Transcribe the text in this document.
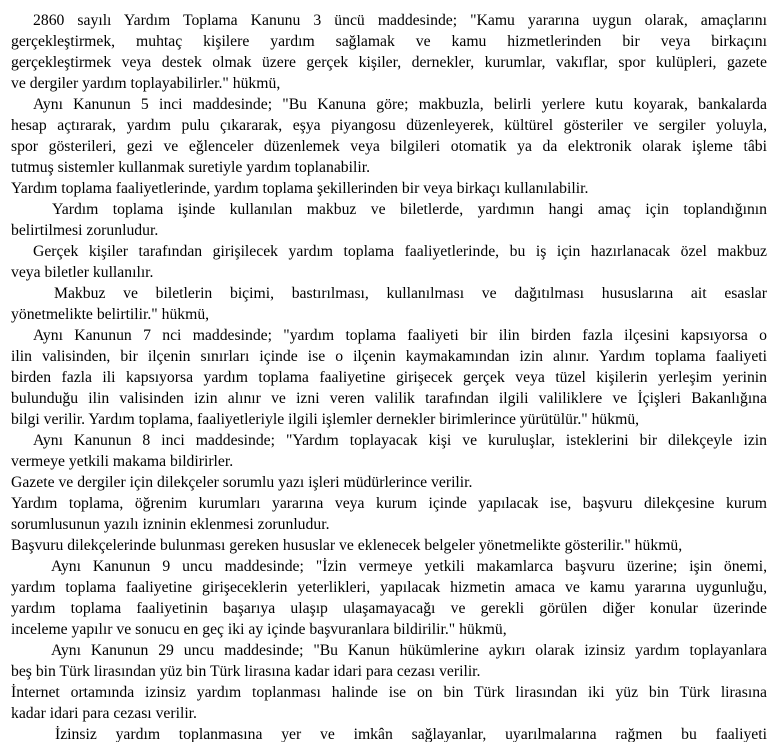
2860 sayılı Yardım Toplama Kanunu 3 üncü maddesinde; "Kamu yararına uygun olarak, amaçlarını

gerçekleştirmek, muhtaç kişilere yardım sağlamak ve kamu hizmetlerinden bir veya birkaçını

gerçekleştirmek veya destek olmak üzere gerçek kişiler, dernekler, kurumlar, vakıflar, spor kulüpleri, gazete

ve dergiler yardım toplayabilirler." hükmü,

Aynı Kanunun 5 inci maddesinde; "Bu Kanuna göre; makbuzla, belirli yerlere kutu koyarak, bankalarda

hesap açtırarak, yardım pulu çıkararak, eşya piyangosu düzenleyerek, kültürel gösteriler ve sergiler yoluyla,

spor gösterileri, gezi ve eğlenceler düzenlemek veya bilgileri otomatik ya da elektronik olarak işleme tâbi

tutmuş sistemler kullanmak suretiyle yardım toplanabilir.

Yardım toplama faaliyetlerinde, yardım toplama şekillerinden bir veya birkaçı kullanılabilir.

Yardım toplama işinde kullanılan makbuz ve biletlerde, yardımın hangi amaç için toplandığının

belirtilmesi zorunludur.

Gerçek kişiler tarafından girişilecek yardım toplama faaliyetlerinde, bu iş için hazırlanacak özel makbuz

veya biletler kullanılır.

Makbuz ve biletlerin biçimi, bastırılması, kullanılması ve dağıtılması hususlarına ait esaslar

yönetmelikte belirtilir." hükmü,

Aynı Kanunun 7 nci maddesinde; "yardım toplama faaliyeti bir ilin birden fazla ilçesini kapsıyorsa o

ilin valisinden, bir ilçenin sınırları içinde ise o ilçenin kaymakamından izin alınır. Yardım toplama faaliyeti

birden fazla ili kapsıyorsa yardım toplama faaliyetine girişecek gerçek veya tüzel kişilerin yerleşim yerinin

bulunduğu ilin valisinden izin alınır ve izni veren valilik tarafından ilgili valiliklere ve İçişleri Bakanlığına

bilgi verilir. Yardım toplama, faaliyetleriyle ilgili işlemler dernekler birimlerince yürütülür." hükmü,

Aynı Kanunun 8 inci maddesinde; "Yardım toplayacak kişi ve kuruluşlar, isteklerini bir dilekçeyle izin

vermeye yetkili makama bildirirler.

Gazete ve dergiler için dilekçeler sorumlu yazı işleri müdürlerince verilir.

Yardım toplama, öğrenim kurumları yararına veya kurum içinde yapılacak ise, başvuru dilekçesine kurum

sorumlusunun yazılı izninin eklenmesi zorunludur.

Başvuru dilekçelerinde bulunması gereken hususlar ve eklenecek belgeler yönetmelikte gösterilir." hükmü,

Aynı Kanunun 9 uncu maddesinde; "İzin vermeye yetkili makamlarca başvuru üzerine; işin önemi,

yardım toplama faaliyetine girişeceklerin yeterlikleri, yapılacak hizmetin amaca ve kamu yararına uygunluğu,

yardım toplama faaliyetinin başarıya ulaşıp ulaşamayacağı ve gerekli görülen diğer konular üzerinde

inceleme yapılır ve sonucu en geç iki ay içinde başvuranlara bildirilir." hükmü,

Aynı Kanunun 29 uncu maddesinde; "Bu Kanun hükümlerine aykırı olarak izinsiz yardım toplayanlara

beş bin Türk lirasından yüz bin Türk lirasına kadar idari para cezası verilir.

İnternet ortamında izinsiz yardım toplanması halinde ise on bin Türk lirasından iki yüz bin Türk lirasına

kadar idari para cezası verilir.

İzinsiz yardım toplanmasına yer ve imkân sağlayanlar, uyarılmalarına rağmen bu faaliyeti
